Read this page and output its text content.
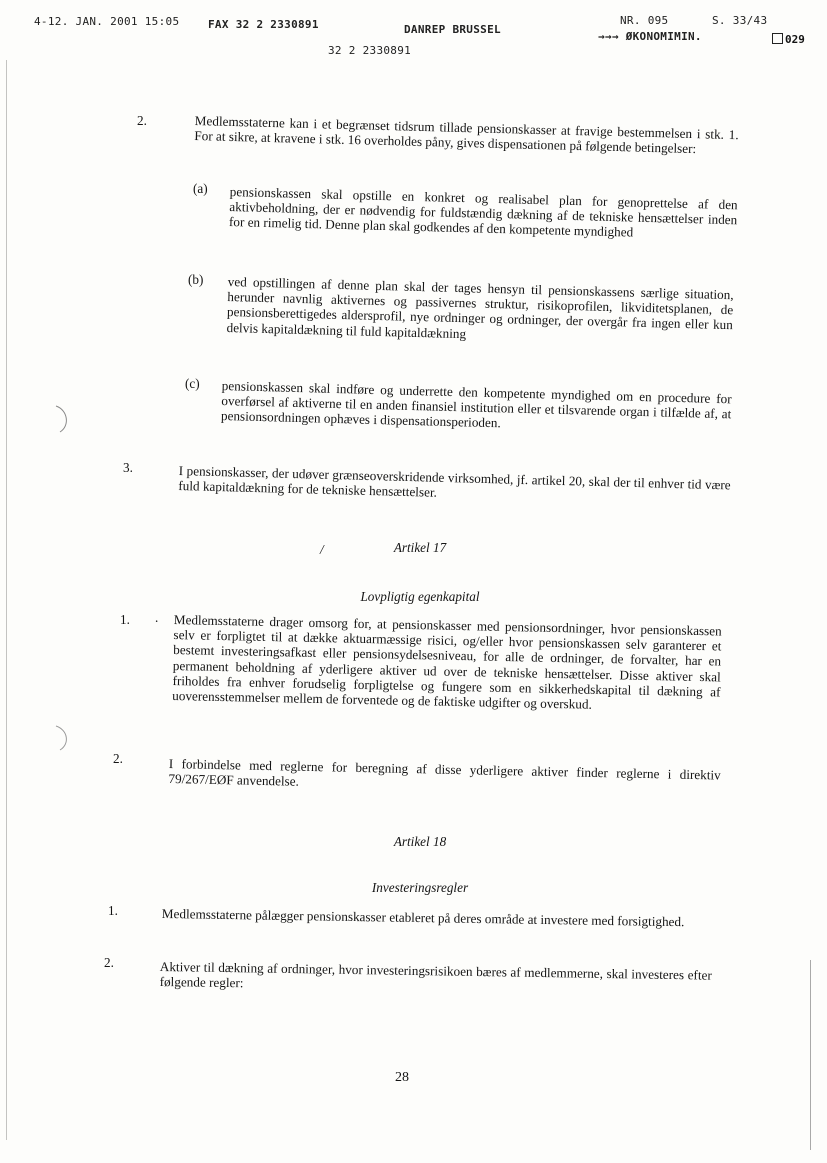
4-12. JAN. 2001 15:05	FAX 32 2 2330891	DANREP BRUSSEL
NR. 095	S. 33/43
→→→ ØKONOMIMIN.	029
32 2 2330891
2.	Medlemsstaterne kan i et begrænset tidsrum tillade pensionskasser at fravige bestemmelsen i stk. 1. For at sikre, at kravene i stk. 16 overholdes påny, gives dispensationen på følgende betingelser:
(a) pensionskassen skal opstille en konkret og realisabel plan for genoprettelse af den aktivbeholdning, der er nødvendig for fuldstændig dækning af de tekniske hensættelser inden for en rimelig tid. Denne plan skal godkendes af den kompetente myndighed
(b) ved opstillingen af denne plan skal der tages hensyn til pensionskassens særlige situation, herunder navnlig aktivernes og passivernes struktur, risikoprofilen, likviditetsplanen, de pensionsberettigedes aldersprofil, nye ordninger og ordninger, der overgår fra ingen eller kun delvis kapitaldækning til fuld kapitaldækning
(c) pensionskassen skal indføre og underrette den kompetente myndighed om en procedure for overførsel af aktiverne til en anden finansiel institution eller et tilsvarende organ i tilfælde af, at pensionsordningen ophæves i dispensationsperioden.
3.	I pensionskasser, der udøver grænseoverskridende virksomhed, jf. artikel 20, skal der til enhver tid være fuld kapitaldækning for de tekniske hensættelser.
/	Artikel 17
Lovpligtig egenkapital
1. . Medlemsstaterne drager omsorg for, at pensionskasser med pensionsordninger, hvor pensionskassen selv er forpligtet til at dække aktuarmæssige risici, og/eller hvor pensionskassen selv garanterer et bestemt investeringsafkast eller pensionsydelsesniveau, for alle de ordninger, de forvalter, har en permanent beholdning af yderligere aktiver ud over de tekniske hensættelser. Disse aktiver skal friholdes fra enhver forudselig forpligtelse og fungere som en sikkerhedskapital til dækning af uoverensstemmelser mellem de forventede og de faktiske udgifter og overskud.
2.	I forbindelse med reglerne for beregning af disse yderligere aktiver finder reglerne i direktiv 79/267/EØF anvendelse.
Artikel 18
Investeringsregler
1.	Medlemsstaterne pålægger pensionskasser etableret på deres område at investere med forsigtighed.
2.	Aktiver til dækning af ordninger, hvor investeringsrisikoen bæres af medlemmerne, skal investeres efter følgende regler:
28
